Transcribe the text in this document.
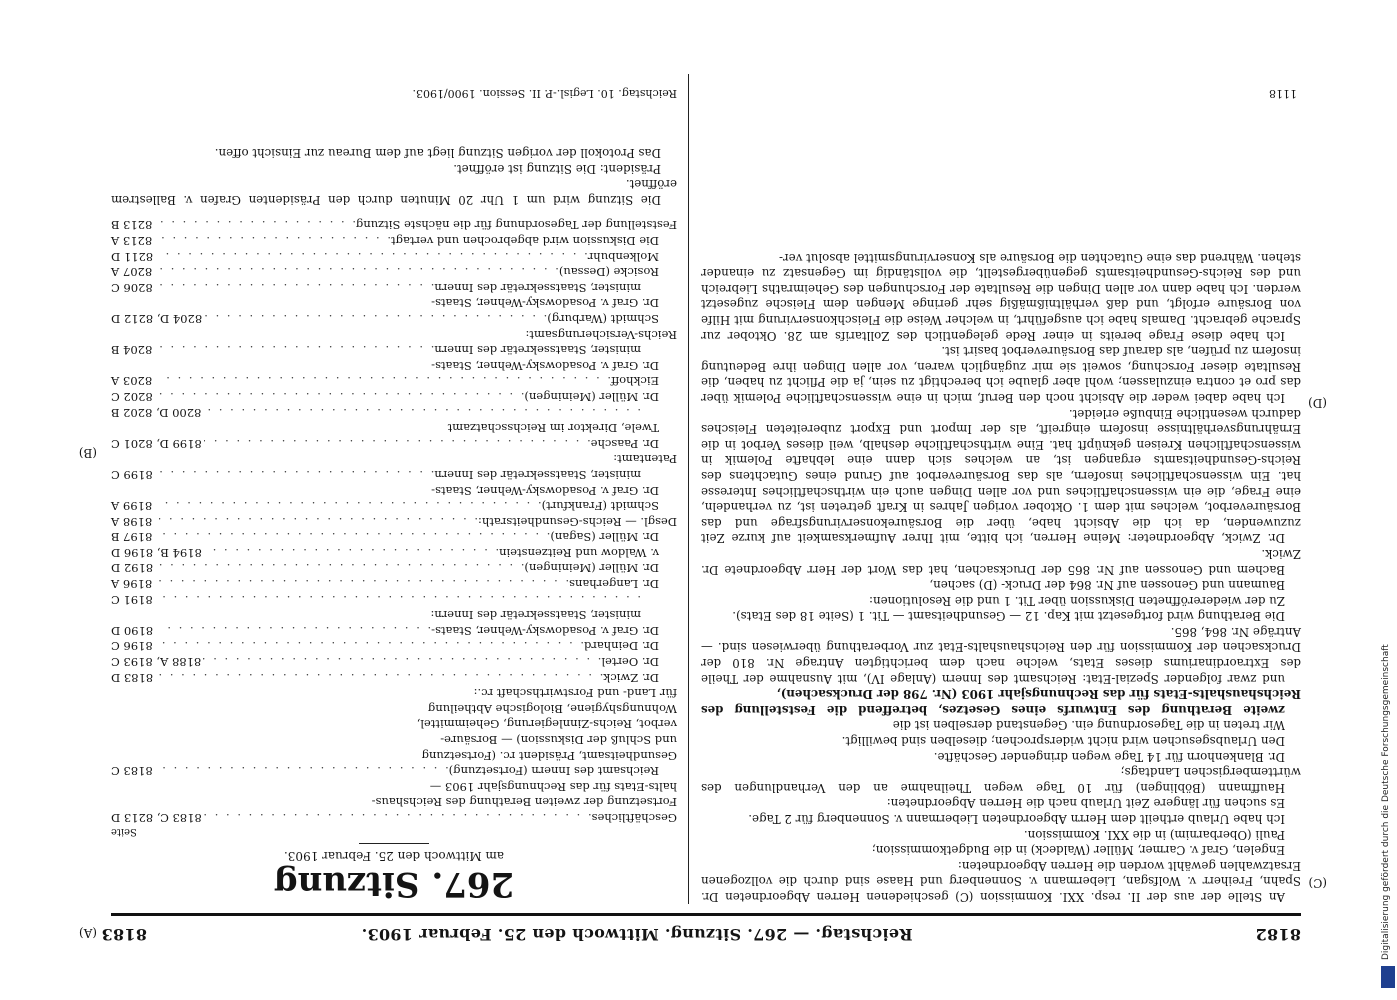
8182
Reichstag. — 267. Sitzung. Mittwoch den 25. Februar 1903.
8183
(C)
(D)
(A)
(B)

An Stelle der aus der II. resp. XXI. Kommission (C) geschiedenen Herren Abgeordneten Dr. Spahn, Freiherr v. Wolfsgan, Liebermann v. Sonnenberg und Haase sind durch die vollzogenen Ersatzwahlen gewählt worden die Herren Abgeordneten:

Engelen, Graf v. Carmer, Müller (Waldeck) in die Budgetkommission;

Pauli (Oberbarnim) in die XXI. Kommission.

Ich habe Urlaub ertheilt dem Herrn Abgeordneten Liebermann v. Sonnenberg für 2 Tage.

Es suchen für längere Zeit Urlaub nach die Herren Abgeordneten:

Hauffmann (Böblingen) für 10 Tage wegen Theilnahme an den Verhandlungen des württembergischen Landtags;

Dr. Blankenhorn für 14 Tage wegen dringender Geschäfte.

Den Urlaubsgesuchen wird nicht widersprochen; dieselben sind bewilligt.

Wir treten in die Tagesordnung ein. Gegenstand derselben ist die

zweite Berathung des Entwurfs eines Gesetzes, betreffend die Feststellung des Reichshaushalts-Etats für das Rechnungsjahr 1903 (Nr. 798 der Drucksachen),

und zwar folgender Spezial-Etat: Reichsamt des Innern (Anlage IV), mit Ausnahme der Theile des Extraordinariums dieses Etats, welche nach dem berichtigten Antrage Nr. 810 der Drucksachen der Kommission für den Reichshaushalts-Etat zur Vorberathung überwiesen sind. — Anträge Nr. 864, 865.

Die Berathung wird fortgesetzt mit Kap. 12 — Gesundheitsamt — Tit. 1 (Seite 18 des Etats).

Zu der wiedereröffneten Diskussion über Tit. 1 und die Resolutionen:

Baumann und Genossen auf Nr. 864 der Druck- (D) sachen,

Bachem und Genossen auf Nr. 865 der Drucksachen, hat das Wort der Herr Abgeordnete Dr. Zwick.

Dr. Zwick, Abgeordneter: Meine Herren, ich bitte, mit Ihrer Aufmerksamkeit auf kurze Zeit zuzuwenden, da ich die Absicht habe, über die Borsäurekonservirungsfrage und das Borsäureverbot, welches mit dem 1. Oktober vorigen Jahres in Kraft getreten ist, zu verhandeln, eine Frage, die ein wissenschaftliches und vor allen Dingen auch ein wirthschaftliches Interesse hat. Ein wissenschaftliches insofern, als das Borsäureverbot auf Grund eines Gutachtens des Reichs-Gesundheitsamts ergangen ist, an welches sich dann eine lebhafte Polemik in wissenschaftlichen Kreisen geknüpft hat. Eine wirthschaftliche deshalb, weil dieses Verbot in die Ernährungsverhältnisse insofern eingreift, als der Import und Export zubereiteten Fleisches dadurch wesentliche Einbuße erleidet.

Ich habe dabei weder die Absicht noch den Beruf, mich in eine wissenschaftliche Polemik über das pro et contra einzulassen; wohl aber glaube ich berechtigt zu sein, ja die Pflicht zu haben, die Resultate dieser Forschung, soweit sie mir zugänglich waren, vor allen Dingen ihre Bedeutung insofern zu prüfen, als darauf das Borsäureverbot basirt ist.

Ich habe diese Frage bereits in einer Rede gelegentlich des Zolltarifs am 28. Oktober zur Sprache gebracht. Damals habe ich ausgeführt, in welcher Weise die Fleischkonservirung mit Hilfe von Borsäure erfolgt, und daß verhältnißmäßig sehr geringe Mengen dem Fleische zugesetzt werden. Ich habe dann vor allen Dingen die Resultate der Forschungen des Geheimraths Liebreich und des Reichs-Gesundheitsamts gegenübergestellt, die vollständig im Gegensatz zu einander stehen. Während das eine Gutachten die Borsäure als Konservirungsmittel absolut ver-

267. Sitzung
am Mittwoch den 25. Februar 1903.
Seite
Geschäftliches
. . .
8183 C, 8213 D
Fortsetzung der zweiten Berathung des Reichshaus-
halts-Etats für das Rechnungsjahr 1903 —
Reichsamt des Innern (Fortsetzung)
. . .
8183 C
Gesundheitsamt, Präsident rc. (Fortsetzung
und Schluß der Diskussion) — Borsäure-
verbot, Reichs-Zinnlegierung, Geheimmittel,
Wohnungshygiene, Biologische Abtheilung
für Land- und Forstwirthschaft rc.:
Dr. Zwick
. . .
8183 D
Dr. Oertel
. . .
8188 A, 8193 C
Dr. Deinhard
. . .
8196 C
Dr. Graf v. Posadowsky-Wehner, Staats-
. . .
8190 D
minister, Staatssekretär des Innern:
. . .
8191 C
Dr. Langerhans
. . .
8196 A
Dr. Müller (Meiningen)
. . .
8192 D
v. Waldow und Reitzenstein
. . .
8194 B, 8196 D
Dr. Müller (Sagan)
. . .
8197 B
Desgl. — Reichs-Gesundheitsrath:
. . .
8198 A
Schmidt (Frankfurt)
. . .
8199 A
Dr. Graf v. Posadowsky-Wehner, Staats-
minister, Staatssekretär des Innern
. . .
8199 C
Patentamt:
Dr. Paasche
. . .
8199 D, 8201 C
Twele, Direktor im Reichsschatzamt
. . .
8200 D, 8202 B
Dr. Müller (Meiningen)
. . .
8202 C
Eickhoff
. . .
8203 A
Dr. Graf v. Posadowsky-Wehner, Staats-
minister, Staatssekretär des Innern
. . .
8204 B
Reichs-Versicherungsamt:
Schmidt (Warburg)
. . .
8204 D, 8212 D
Dr. Graf v. Posadowsky-Wehner, Staats-
minister, Staatssekretär des Innern
. . .
8206 C
Rosicke (Dessau)
. . .
8207 A
Molkenbuhr
. . .
8211 D
Die Diskussion wird abgebrochen und vertagt
. . .
8213 A
Feststellung der Tagesordnung für die nächste Sitzung
. . .
8213 B

Die Sitzung wird um 1 Uhr 20 Minuten durch den Präsidenten Grafen v. Ballestrem eröffnet.

Präsident: Die Sitzung ist eröffnet.

Das Protokoll der vorigen Sitzung liegt auf dem Bureau zur Einsicht offen.

Reichstag. 10. Legisl.-P. II. Session. 1900/1903.	1118
Digitalisierung gefördert durch die Deutsche Forschungsgemeinschaft
